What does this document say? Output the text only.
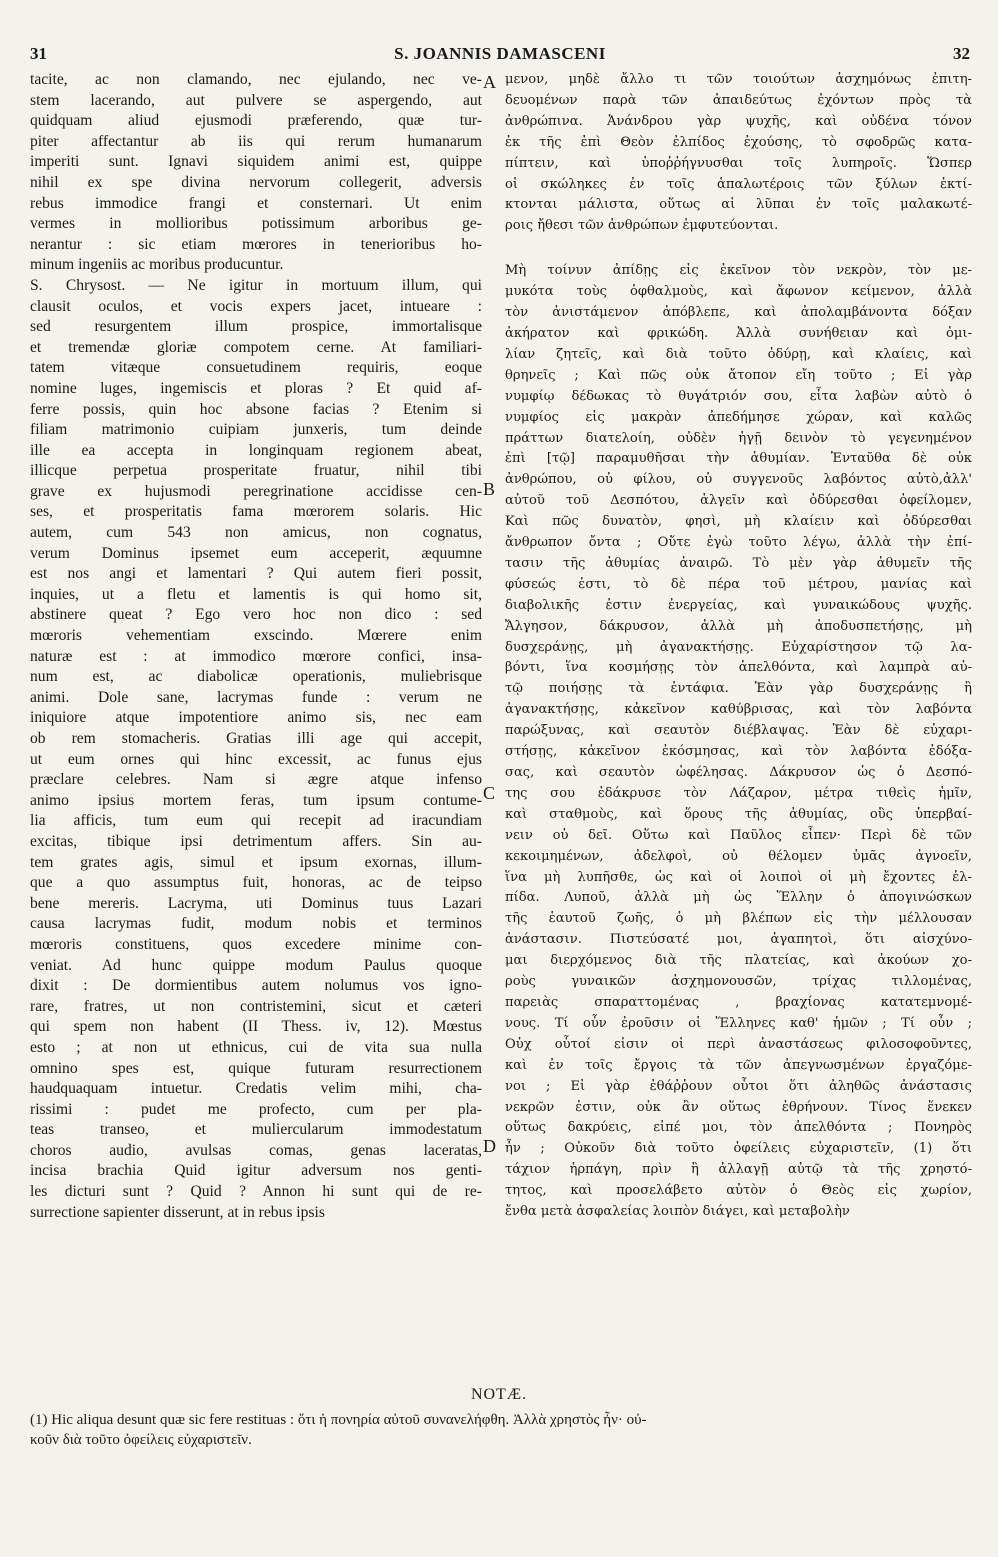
31	S. JOANNIS DAMASCENI	32
tacite, ac non clamando, nec ejulando, nec ve-
stem lacerando, aut pulvere se aspergendo, aut
quidquam aliud ejusmodi præferendo, quæ tur-
piter affectantur ab iis qui rerum humanarum
imperiti sunt. Ignavi siquidem animi est, quippe
nihil ex spe divina nervorum collegerit, adversis
rebus immodice frangi et consternari. Ut enim
vermes in mollioribus potissimum arboribus ge-
nerantur : sic etiam mœrores in tenerioribus ho-
minum ingeniis ac moribus producuntur.
S. Chrysost. — Ne igitur in mortuum illum, qui
clausit oculos, et vocis expers jacet, intueare :
sed resurgentem illum prospice, immortalisque
et tremendæ gloriæ compotem cerne. At familiari-
tatem vitæque consuetudinem requiris, eoque
nomine luges, ingemiscis et ploras ? Et quid af-
ferre possis, quin hoc absone facias ? Etenim si
filiam matrimonio cuipiam junxeris, tum deinde
ille ea accepta in longinquam regionem abeat,
illicque perpetua prosperitate fruatur, nihil tibi
grave ex hujusmodi peregrinatione accidisse cen-
ses, et prosperitatis fama mœrorem solaris. Hic
autem, cum 543 non amicus, non cognatus,
verum Dominus ipsemet eum acceperit, æquumne
est nos angi et lamentari ? Qui autem fieri possit,
inquies, ut a fletu et lamentis is qui homo sit,
abstinere queat ? Ego vero hoc non dico : sed
mœroris vehementiam exscindo. Mœrere enim
naturæ est : at immodico mœrore confici, insa-
num est, ac diabolicæ operationis, muliebrisque
animi. Dole sane, lacrymas funde : verum ne
iniquiore atque impotentiore animo sis, nec eam
ob rem stomacheris. Gratias illi age qui accepit,
ut eum ornes qui hinc excessit, ac funus ejus
præclare celebres. Nam si ægre atque infenso
animo ipsius mortem feras, tum ipsum contume-
lia afficis, tum eum qui recepit ad iracundiam
excitas, tibique ipsi detrimentum affers. Sin au-
tem grates agis, simul et ipsum exornas, illum-
que a quo assumptus fuit, honoras, ac de teipso
bene mereris. Lacryma, uti Dominus tuus Lazari
causa lacrymas fudit, modum nobis et terminos
mœroris constituens, quos excedere minime con-
veniat. Ad hunc quippe modum Paulus quoque
dixit : De dormientibus autem nolumus vos igno-
rare, fratres, ut non contristemini, sicut et cæteri
qui spem non habent (II Thess. iv, 12). Mœstus
esto ; at non ut ethnicus, cui de vita sua nulla
omnino spes est, quique futuram resurrectionem
haudquaquam intuetur. Credatis velim mihi, cha-
rissimi : pudet me profecto, cum per pla-
teas transeo, et muliercularum immodestatum
choros audio, avulsas comas, genas laceratas,
incisa brachia Quid igitur adversum nos genti-
les dicturi sunt ? Quid ? Annon hi sunt qui de re-
surrectione sapienter disserunt, at in rebus ipsis
μενον, μηδὲ ἄλλο τι τῶν τοιούτων ἀσχημόνως ἐπιτη-
δευομένων παρὰ τῶν ἀπαιδεύτως ἐχόντων πρὸς τὰ
ἀνθρώπινα. Ἀνάνδρου γὰρ ψυχῆς, καὶ οὐδένα τόνον
ἐκ τῆς ἐπὶ Θεὸν ἐλπίδος ἐχούσης, τὸ σφοδρῶς κατα-
πίπτειν, καὶ ὑποῤῥήγνυσθαι τοῖς λυπηροῖς. Ὥσπερ
οἱ σκώληκες ἐν τοῖς ἁπαλωτέροις τῶν ξύλων ἐκτί-
κτονται μάλιστα, οὕτως αἱ λῦπαι ἐν τοῖς μαλακωτέ-
ροις ἤθεσι τῶν ἀνθρώπων ἐμφυτεύονται.
Μὴ τοίνυν ἀπίδῃς εἰς ἐκεῖνον τὸν νεκρὸν, τὸν με-
μυκότα τοὺς ὀφθαλμοὺς, καὶ ἄφωνον κείμενον, ἀλλὰ
τὸν ἀνιστάμενον ἀπόβλεπε, καὶ ἀπολαμβάνοντα δόξαν
ἀκήρατον καὶ φρικώδη. Ἀλλὰ συνήθειαν καὶ ὁμι-
λίαν ζητεῖς, καὶ διὰ τοῦτο ὀδύρῃ, καὶ κλαίεις, καὶ
θρηνεῖς ; Καὶ πῶς οὐκ ἄτοπον εἴη τοῦτο ; Εἰ γὰρ
νυμφίῳ δέδωκας τὸ θυγάτριόν σου, εἶτα λαβὼν αὐτὸ ὁ
νυμφίος εἰς μακρὰν ἀπεδήμησε χώραν, καὶ καλῶς
πράττων διατελοίη, οὐδὲν ἡγῇ δεινὸν τὸ γεγενημένον
ἐπὶ [τῷ] παραμυθῆσαι τὴν ἀθυμίαν. Ἐνταῦθα δὲ οὐκ
ἀνθρώπου, οὐ φίλου, οὐ συγγενοῦς λαβόντος αὐτὸ,ἀλλ'
αὐτοῦ τοῦ Δεσπότου, ἀλγεῖν καὶ ὀδύρεσθαι ὀφείλομεν,
Καὶ πῶς δυνατὸν, φησὶ, μὴ κλαίειν καὶ ὀδύρεσθαι
ἄνθρωπον ὄντα ; Οὔτε ἐγὼ τοῦτο λέγω, ἀλλὰ τὴν ἐπί-
τασιν τῆς ἀθυμίας ἀναιρῶ. Τὸ μὲν γὰρ ἀθυμεῖν τῆς
φύσεώς ἐστι, τὸ δὲ πέρα τοῦ μέτρου, μανίας καὶ
διαβολικῆς ἐστιν ἐνεργείας, καὶ γυναικώδους ψυχῆς.
Ἄλγησον, δάκρυσον, ἀλλὰ μὴ ἀποδυσπετήσῃς, μὴ
δυσχεράνῃς, μὴ ἀγανακτήσῃς. Εὐχαρίστησον τῷ λα-
βόντι, ἵνα κοσμήσῃς τὸν ἀπελθόντα, καὶ λαμπρὰ αὐ-
τῷ ποιήσῃς τὰ ἐντάφια. Ἐὰν γὰρ δυσχεράνῃς ἢ
ἀγανακτήσῃς, κἀκεῖνον καθύβρισας, καὶ τὸν λαβόντα
παρώξυνας, καὶ σεαυτὸν διέβλαψας. Ἐὰν δὲ εὐχαρι-
στήσῃς, κἀκεῖνον ἐκόσμησας, καὶ τὸν λαβόντα ἐδόξα-
σας, καὶ σεαυτὸν ὠφέλησας. Δάκρυσον ὡς ὁ Δεσπό-
της σου ἐδάκρυσε τὸν Λάζαρον, μέτρα τιθεὶς ἡμῖν,
καὶ σταθμοὺς, καὶ ὅρους τῆς ἀθυμίας, οὓς ὑπερβαί-
νειν οὐ δεῖ. Οὕτω καὶ Παῦλος εἶπεν· Περὶ δὲ τῶν
κεκοιμημένων, ἀδελφοὶ, οὐ θέλομεν ὑμᾶς ἀγνοεῖν,
ἵνα μὴ λυπῆσθε, ὡς καὶ οἱ λοιποὶ οἱ μὴ ἔχοντες ἐλ-
πίδα. Λυποῦ, ἀλλὰ μὴ ὡς Ἕλλην ὁ ἀπογινώσκων
τῆς ἑαυτοῦ ζωῆς, ὁ μὴ βλέπων εἰς τὴν μέλλουσαν
ἀνάστασιν. Πιστεύσατέ μοι, ἀγαπητοὶ, ὅτι αἰσχύνο-
μαι διερχόμενος διὰ τῆς πλατείας, καὶ ἀκούων χο-
ροὺς γυναικῶν ἀσχημονουσῶν, τρίχας τιλλομένας,
παρειὰς σπαραττομένας , βραχίονας κατατεμνομέ-
νους. Τί οὖν ἐροῦσιν οἱ Ἕλληνες καθ' ἡμῶν ; Τί οὖν ;
Οὐχ οὗτοί εἰσιν οἱ περὶ ἀναστάσεως φιλοσοφοῦντες,
καὶ ἐν τοῖς ἔργοις τὰ τῶν ἀπεγνωσμένων ἐργαζόμε-
νοι ; Εἰ γὰρ ἐθάῤῥουν οὗτοι ὅτι ἀληθῶς ἀνάστασις
νεκρῶν ἐστιν, οὐκ ἂν οὕτως ἐθρήνουν. Τίνος ἕνεκεν
οὕτως δακρύεις, εἰπέ μοι, τὸν ἀπελθόντα ; Πονηρὸς
ἦν ; Οὐκοῦν διὰ τοῦτο ὀφείλεις εὐχαριστεῖν, (1) ὅτι
τάχιον ἡρπάγη, πρὶν ἢ ἀλλαγῇ αὐτῷ τὰ τῆς χρηστό-
τητος, καὶ προσελάβετο αὐτὸν ὁ Θεὸς εἰς χωρίον,
ἔνθα μετὰ ἀσφαλείας λοιπὸν διάγει, καὶ μεταβολὴν
A
B
C
D
NOTÆ.
(1) Hic aliqua desunt quæ sic fere restituas : ὅτι ἡ πονηρία αὐτοῦ συνανελήφθη. Ἀλλὰ χρηστὸς ἦν· οὐ-
κοῦν διὰ τοῦτο ὀφείλεις εὐχαριστεῖν.
